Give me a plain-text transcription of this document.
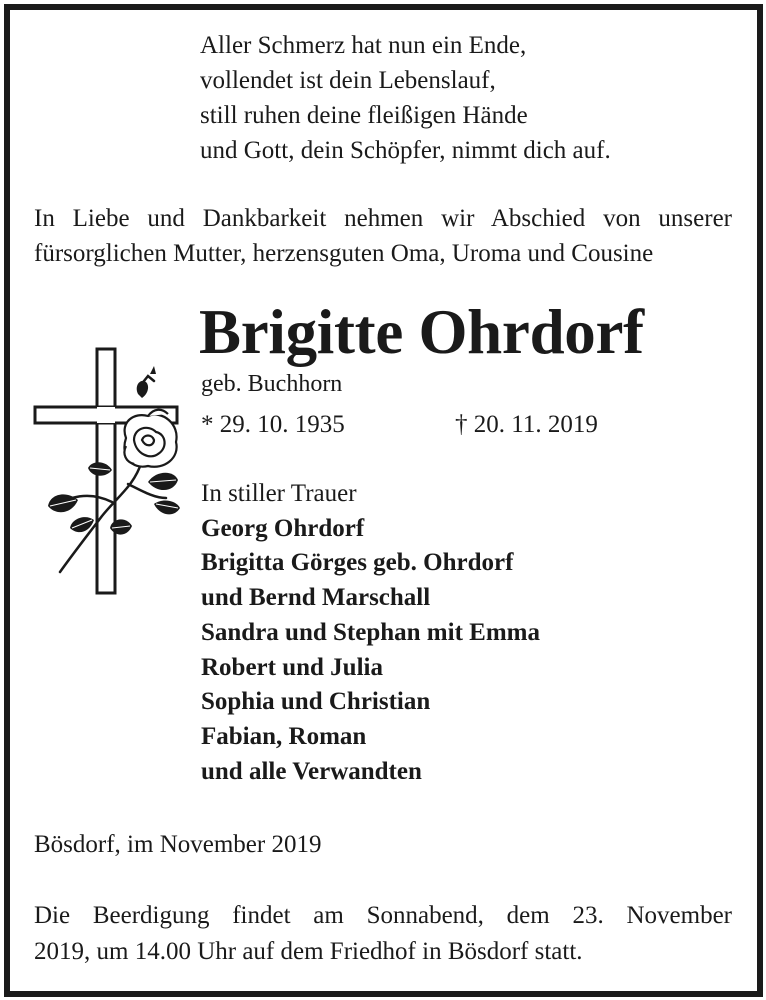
Aller Schmerz hat nun ein Ende,
vollendet ist dein Lebenslauf,
still ruhen deine fleißigen Hände
und Gott, dein Schöpfer, nimmt dich auf.
In Liebe und Dankbarkeit nehmen wir Abschied von unserer
fürsorglichen Mutter, herzensguten Oma, Uroma und Cousine
Brigitte Ohrdorf
geb. Buchhorn
* 29. 10. 1935	† 20. 11. 2019
In stiller Trauer
Georg Ohrdorf
Brigitta Görges geb. Ohrdorf
und Bernd Marschall
Sandra und Stephan mit Emma
Robert und Julia
Sophia und Christian
Fabian, Roman
und alle Verwandten
Bösdorf, im November 2019
Die Beerdigung findet am Sonnabend, dem 23. November
2019, um 14.00 Uhr auf dem Friedhof in Bösdorf statt.
